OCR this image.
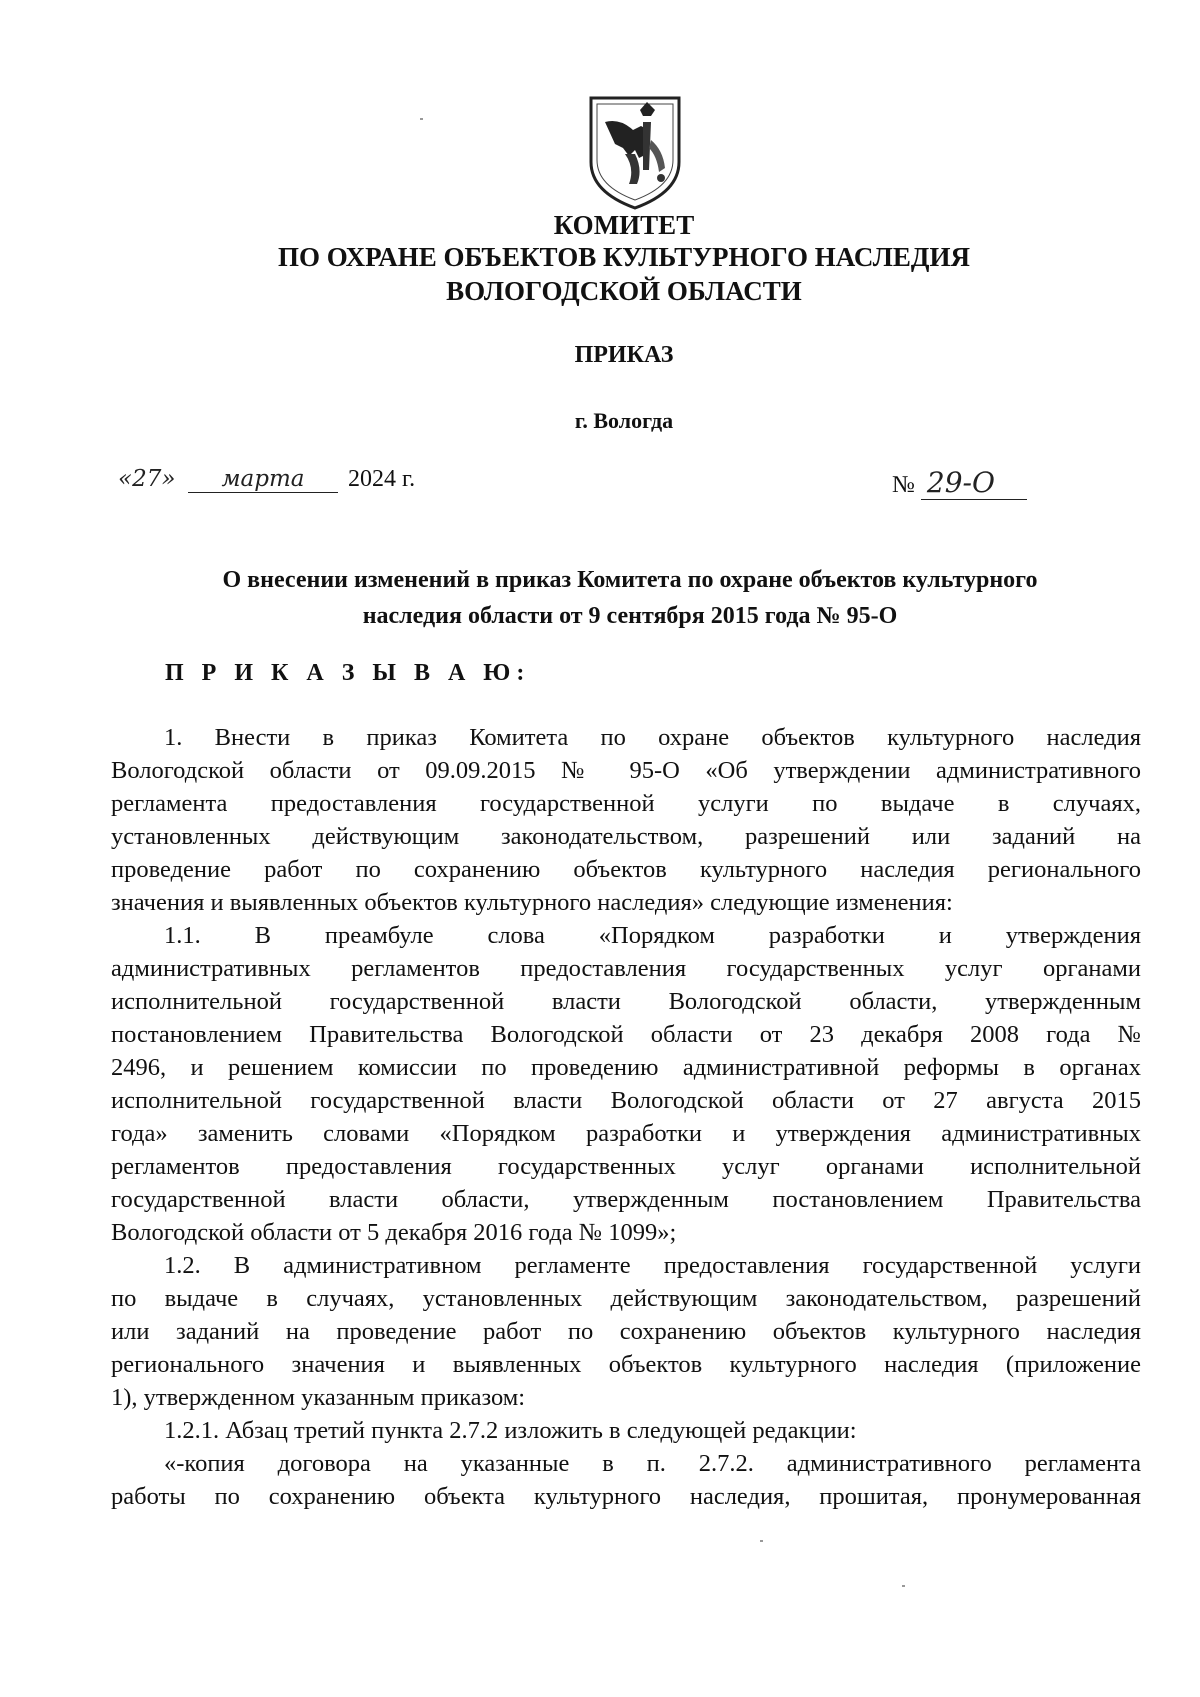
КОМИТЕТ
ПО ОХРАНЕ ОБЪЕКТОВ КУЛЬТУРНОГО НАСЛЕДИЯ
ВОЛОГОДСКОЙ ОБЛАСТИ
ПРИКАЗ
г. Вологда
«27» марта 2024 г.	№ 29-О
О внесении изменений в приказ Комитета по охране объектов культурного
наследия области от 9 сентября 2015 года № 95-О
П Р И К А З Ы В А Ю:
1. Внести в приказ Комитета по охране объектов культурного наследия
Вологодской области от 09.09.2015 № 95-О «Об утверждении административного
регламента предоставления государственной услуги по выдаче в случаях,
установленных действующим законодательством, разрешений или заданий на
проведение работ по сохранению объектов культурного наследия регионального
значения и выявленных объектов культурного наследия» следующие изменения:
1.1. В преамбуле слова «Порядком разработки и утверждения
административных регламентов предоставления государственных услуг органами
исполнительной государственной власти Вологодской области, утвержденным
постановлением Правительства Вологодской области от 23 декабря 2008 года №
2496, и решением комиссии по проведению административной реформы в органах
исполнительной государственной власти Вологодской области от 27 августа 2015
года» заменить словами «Порядком разработки и утверждения административных
регламентов предоставления государственных услуг органами исполнительной
государственной власти области, утвержденным постановлением Правительства
Вологодской области от 5 декабря 2016 года № 1099»;
1.2. В административном регламенте предоставления государственной услуги
по выдаче в случаях, установленных действующим законодательством, разрешений
или заданий на проведение работ по сохранению объектов культурного наследия
регионального значения и выявленных объектов культурного наследия (приложение
1), утвержденном указанным приказом:
1.2.1. Абзац третий пункта 2.7.2 изложить в следующей редакции:
«-копия договора на указанные в п. 2.7.2. административного регламента
работы по сохранению объекта культурного наследия, прошитая, пронумерованная
